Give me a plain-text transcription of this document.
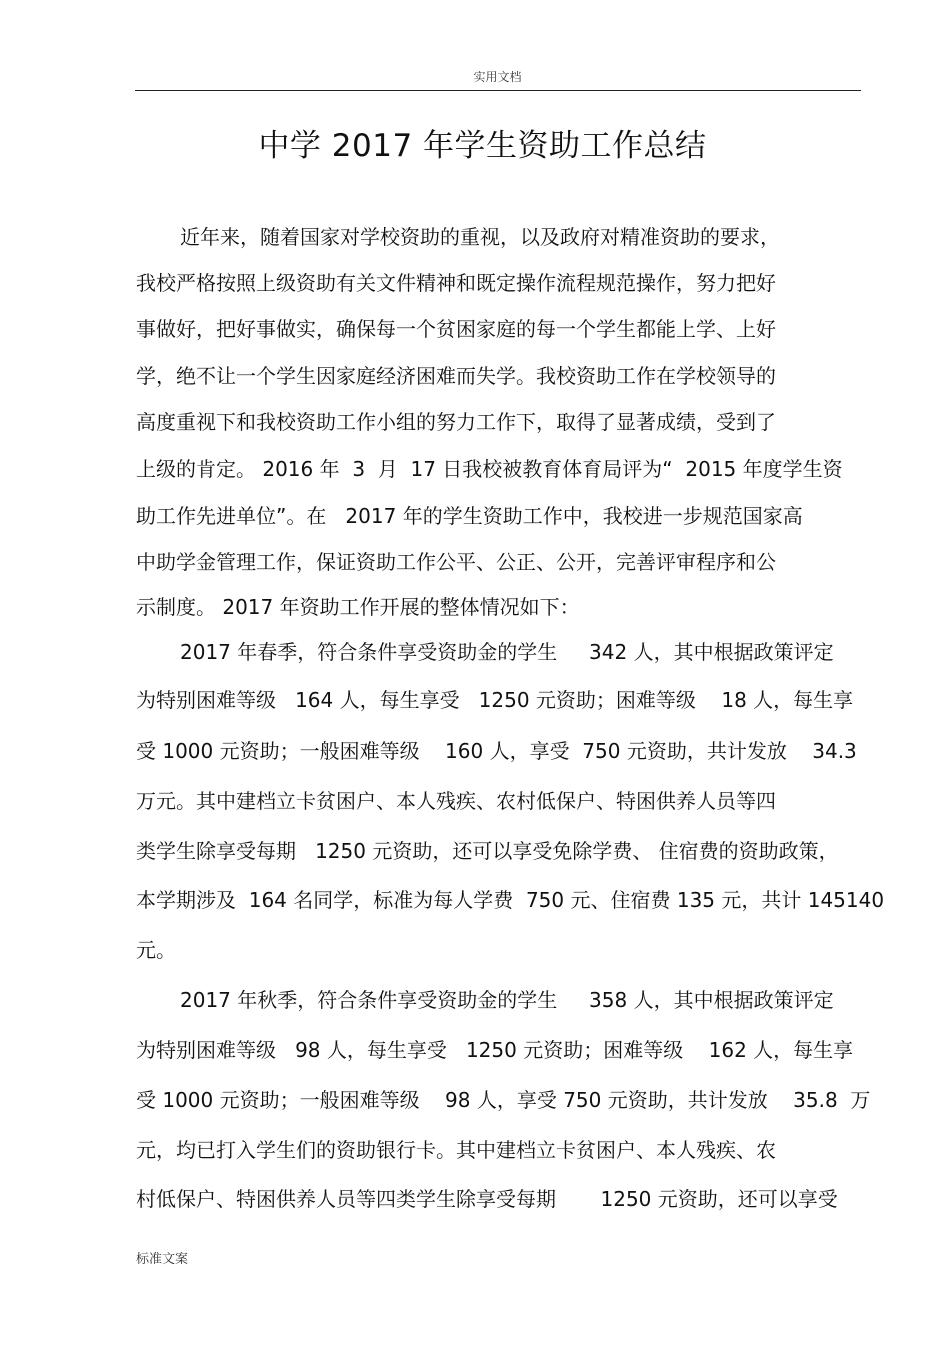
实用文档
中学 2017 年学生资助工作总结
近年来，随着国家对学校资助的重视，以及政府对精准资助的要求，
我校严格按照上级资助有关文件精神和既定操作流程规范操作，努力把好
事做好，把好事做实，确保每一个贫困家庭的每一个学生都能上学、上好
学，绝不让一个学生因家庭经济困难而失学。我校资助工作在学校领导的
高度重视下和我校资助工作小组的努力工作下，取得了显著成绩，受到了
上级的肯定。 2016 年  3  月  17 日我校被教育体育局评为“  2015 年度学生资
助工作先进单位”。在   2017 年的学生资助工作中，我校进一步规范国家高
中助学金管理工作，保证资助工作公平、公正、公开，完善评审程序和公
示制度。 2017 年资助工作开展的整体情况如下：
2017 年春季，符合条件享受资助金的学生     342 人，其中根据政策评定
为特别困难等级   164 人，每生享受   1250 元资助；困难等级    18 人，每生享
受 1000 元资助；一般困难等级    160 人，享受  750 元资助，共计发放    34.3
万元。其中建档立卡贫困户、本人残疾、农村低保户、特困供养人员等四
类学生除享受每期   1250 元资助，还可以享受免除学费、 住宿费的资助政策，
本学期涉及  164 名同学，标准为每人学费  750 元、住宿费 135 元，共计 145140
元。
2017 年秋季，符合条件享受资助金的学生     358 人，其中根据政策评定
为特别困难等级   98 人，每生享受   1250 元资助；困难等级    162 人，每生享
受 1000 元资助；一般困难等级    98 人，享受 750 元资助，共计发放    35.8  万
元，均已打入学生们的资助银行卡。其中建档立卡贫困户、本人残疾、农
村低保户、特困供养人员等四类学生除享受每期       1250 元资助，还可以享受
标准文案
